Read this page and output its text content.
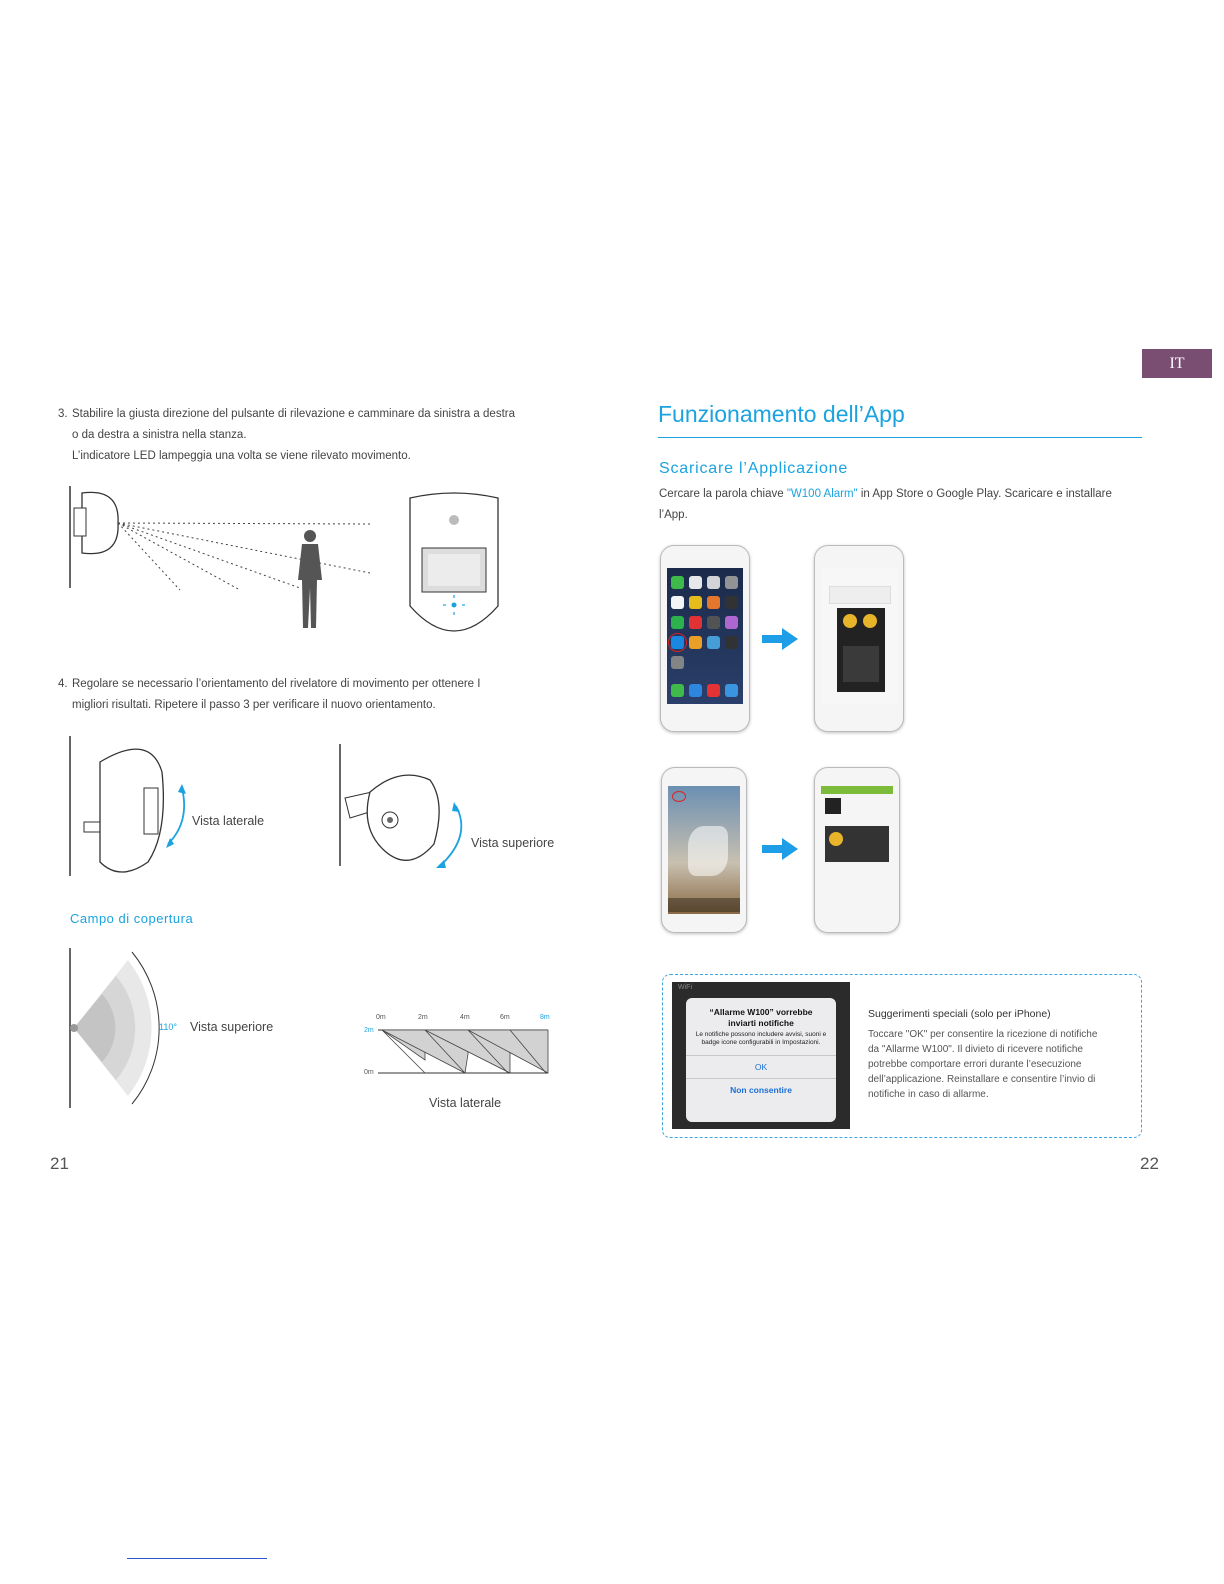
IT
3. Stabilire la giusta direzione del pulsante di rilevazione e camminare da sinistra a destra
o da destra a sinistra nella stanza.
L’indicatore LED lampeggia una volta se viene rilevato movimento.
4. Regolare se necessario l’orientamento del rivelatore di movimento per ottenere I
migliori risultati. Ripetere il passo 3 per verificare il nuovo orientamento.
Vista laterale
Vista superiore
Campo di copertura
110° Vista superiore
0m	2m	4m	6m	8m
2m
0m
Vista laterale
21
Funzionamento dell’App
Scaricare l’Applicazione
Cercare la parola chiave "W100 Alarm" in App Store o Google Play. Scaricare e installare
l’App.
WiFi
“Allarme W100” vorrebbe
inviarti notifiche
Le notifiche possono includere avvisi, suoni e badge icone configurabili in Impostazioni.
OK
Non consentire
Suggerimenti speciali (solo per iPhone)
Toccare "OK" per consentire la ricezione di notifiche
da "Allarme W100". Il divieto di ricevere notifiche
potrebbe comportare errori durante l’esecuzione
dell’applicazione. Reinstallare e consentire l’invio di
notifiche in caso di allarme.
22
